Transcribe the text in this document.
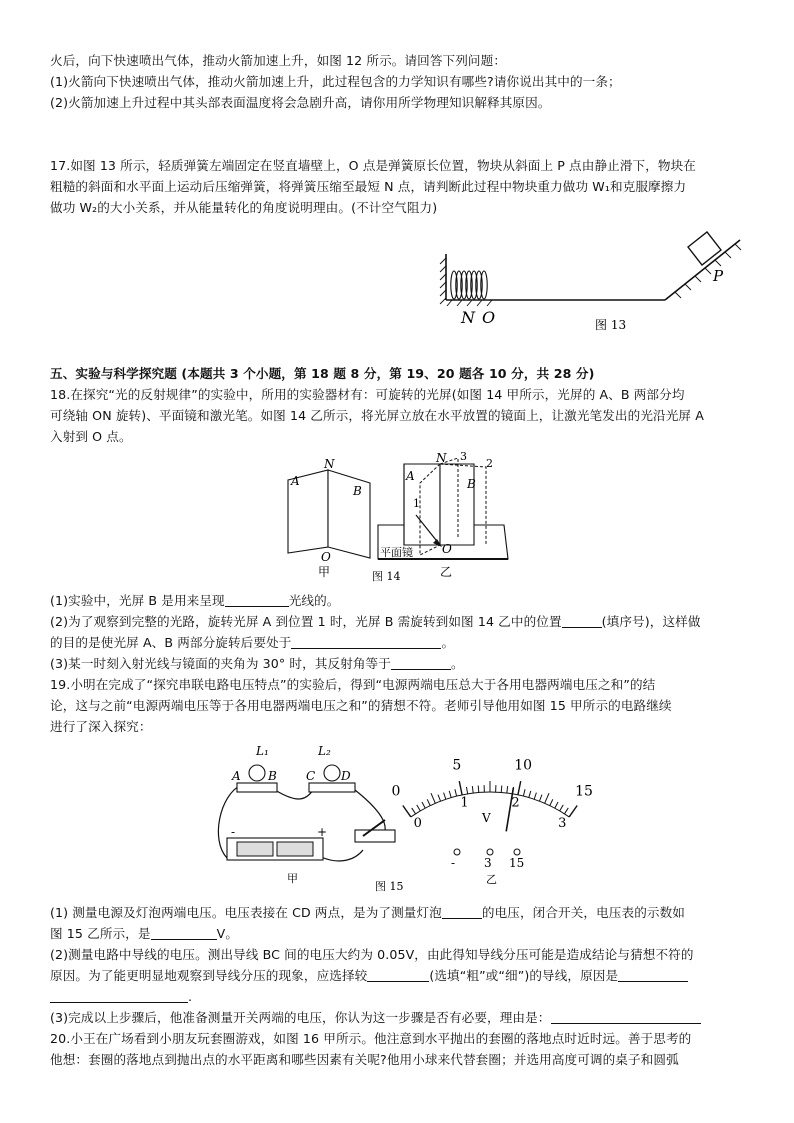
火后，向下快速喷出气体，推动火箭加速上升，如图 12 所示。请回答下列问题：
(1)火箭向下快速喷出气体，推动火箭加速上升，此过程包含的力学知识有哪些?请你说出其中的一条；
(2)火箭加速上升过程中其头部表面温度将会急剧升高，请你用所学物理知识解释其原因。
17.如图 13 所示，轻质弹簧左端固定在竖直墙壁上，O 点是弹簧原长位置，物块从斜面上 P 点由静止滑下，物块在
粗糙的斜面和水平面上运动后压缩弹簧，将弹簧压缩至最短 N 点，请判断此过程中物块重力做功 W₁和克服摩擦力
做功 W₂的大小关系，并从能量转化的角度说明理由。(不计空气阻力)
P
N O	图 13
五、实验与科学探究题 (本题共 3 个小题，第 18 题 8 分，第 19、20 题各 10 分，共 28 分)
18.在探究“光的反射规律”的实验中，所用的实验器材有：可旋转的光屏(如图 14 甲所示，光屏的 A、B 两部分均
可绕轴 ON 旋转)、平面镜和激光笔。如图 14 乙所示，将光屏立放在水平放置的镜面上，让激光笔发出的光沿光屏 A
入射到 O 点。
N
A
B
O
甲
N
A
B
1
2
3
O
平面镜
乙
图 14
(1)实验中，光屏 B 是用来呈现	光线的。
(2)为了观察到完整的光路，旋转光屏 A 到位置 1 时，光屏 B 需旋转到如图 14 乙中的位置	(填序号)，这样做
的目的是使光屏 A、B 两部分旋转后要处于	。
(3)某一时刻入射光线与镜面的夹角为 30° 时，其反射角等于	。
19.小明在完成了“探究串联电路电压特点”的实验后，得到“电源两端电压总大于各用电器两端电压之和”的结
论，这与之前“电源两端电压等于各用电器两端电压之和”的猜想不符。老师引导他用如图 15 甲所示的电路继续
进行了深入探究：
L₁	L₂
A B C D
-	+
甲
0
5	10
15
0
1	2
3
V
- 3 15
乙
图 15
(1) 测量电源及灯泡两端电压。电压表接在 CD 两点，是为了测量灯泡	的电压，闭合开关，电压表的示数如
图 15 乙所示，是	V。
(2)测量电路中导线的电压。测出导线 BC 间的电压大约为 0.05V，由此得知导线分压可能是造成结论与猜想不符的
原因。为了能更明显地观察到导线分压的现象，应选择较	(选填“粗”或“细”)的导线，原因是
.
(3)完成以上步骤后，他准备测量开关两端的电压，你认为这一步骤是否有必要，理由是：
20.小王在广场看到小朋友玩套圈游戏，如图 16 甲所示。他注意到水平抛出的套圈的落地点时近时远。善于思考的
他想：套圈的落地点到抛出点的水平距离和哪些因素有关呢?他用小球来代替套圈；并选用高度可调的桌子和圆弧
